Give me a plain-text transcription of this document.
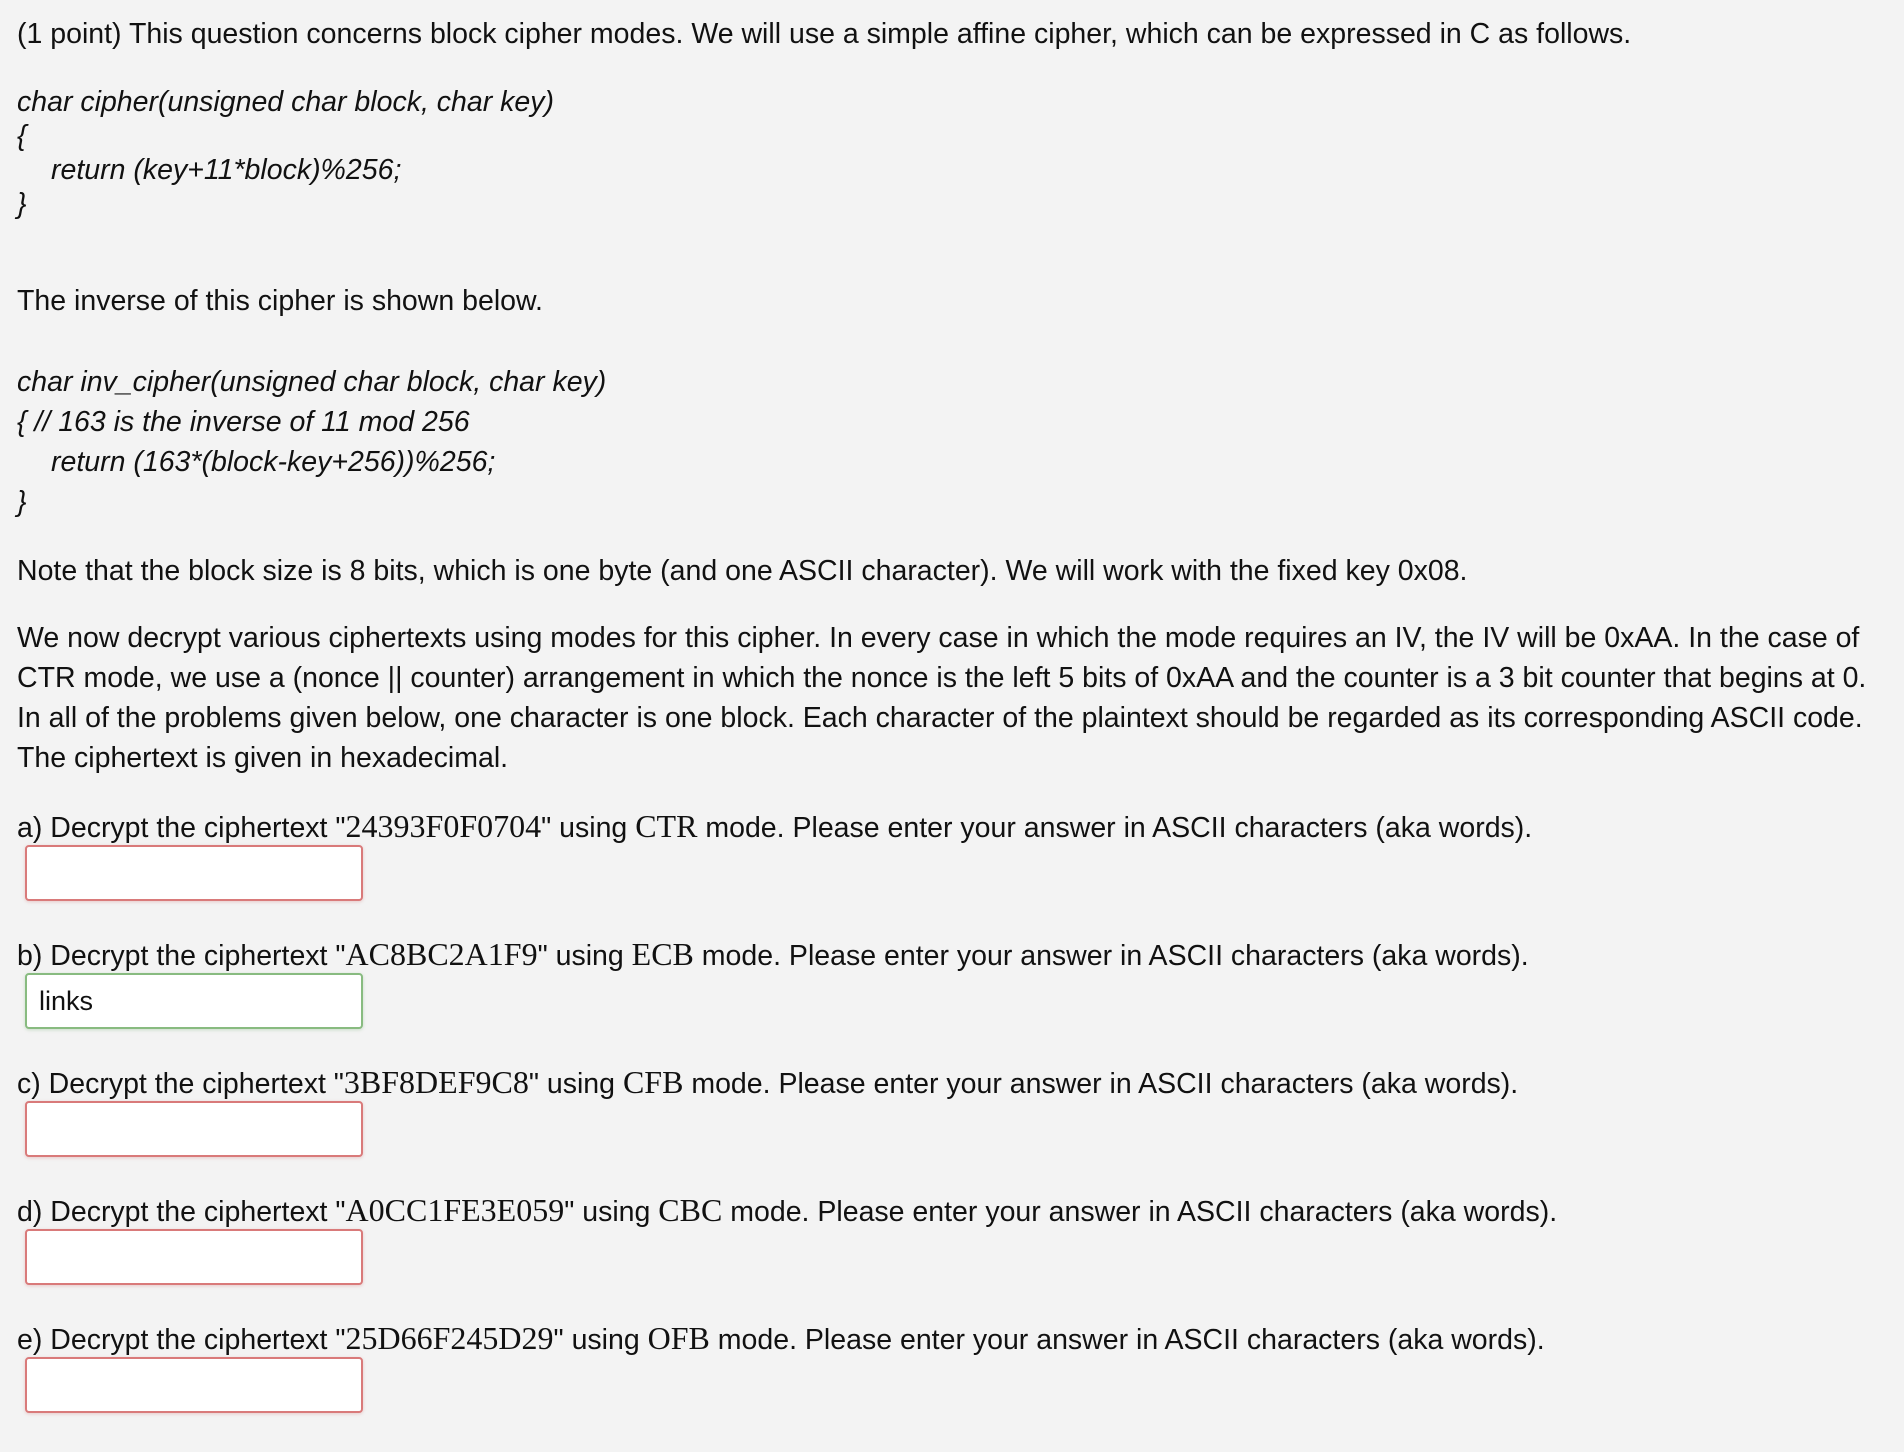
(1 point) This question concerns block cipher modes. We will use a simple affine cipher, which can be expressed in C as follows.
char cipher(unsigned char block, char key)
{
return (key+11*block)%256;
}
The inverse of this cipher is shown below.
char inv_cipher(unsigned char block, char key)
{ // 163 is the inverse of 11 mod 256
return (163*(block-key+256))%256;
}
Note that the block size is 8 bits, which is one byte (and one ASCII character). We will work with the fixed key 0x08.
We now decrypt various ciphertexts using modes for this cipher. In every case in which the mode requires an IV, the IV will be 0xAA. In the case of CTR mode, we use a (nonce || counter) arrangement in which the nonce is the left 5 bits of 0xAA and the counter is a 3 bit counter that begins at 0. In all of the problems given below, one character is one block. Each character of the plaintext should be regarded as its corresponding ASCII code. The ciphertext is given in hexadecimal.
a) Decrypt the ciphertext "24393F0F0704" using CTR mode. Please enter your answer in ASCII characters (aka words).
b) Decrypt the ciphertext "AC8BC2A1F9" using ECB mode. Please enter your answer in ASCII characters (aka words).
links
c) Decrypt the ciphertext "3BF8DEF9C8" using CFB mode. Please enter your answer in ASCII characters (aka words).
d) Decrypt the ciphertext "A0CC1FE3E059" using CBC mode. Please enter your answer in ASCII characters (aka words).
e) Decrypt the ciphertext "25D66F245D29" using OFB mode. Please enter your answer in ASCII characters (aka words).
